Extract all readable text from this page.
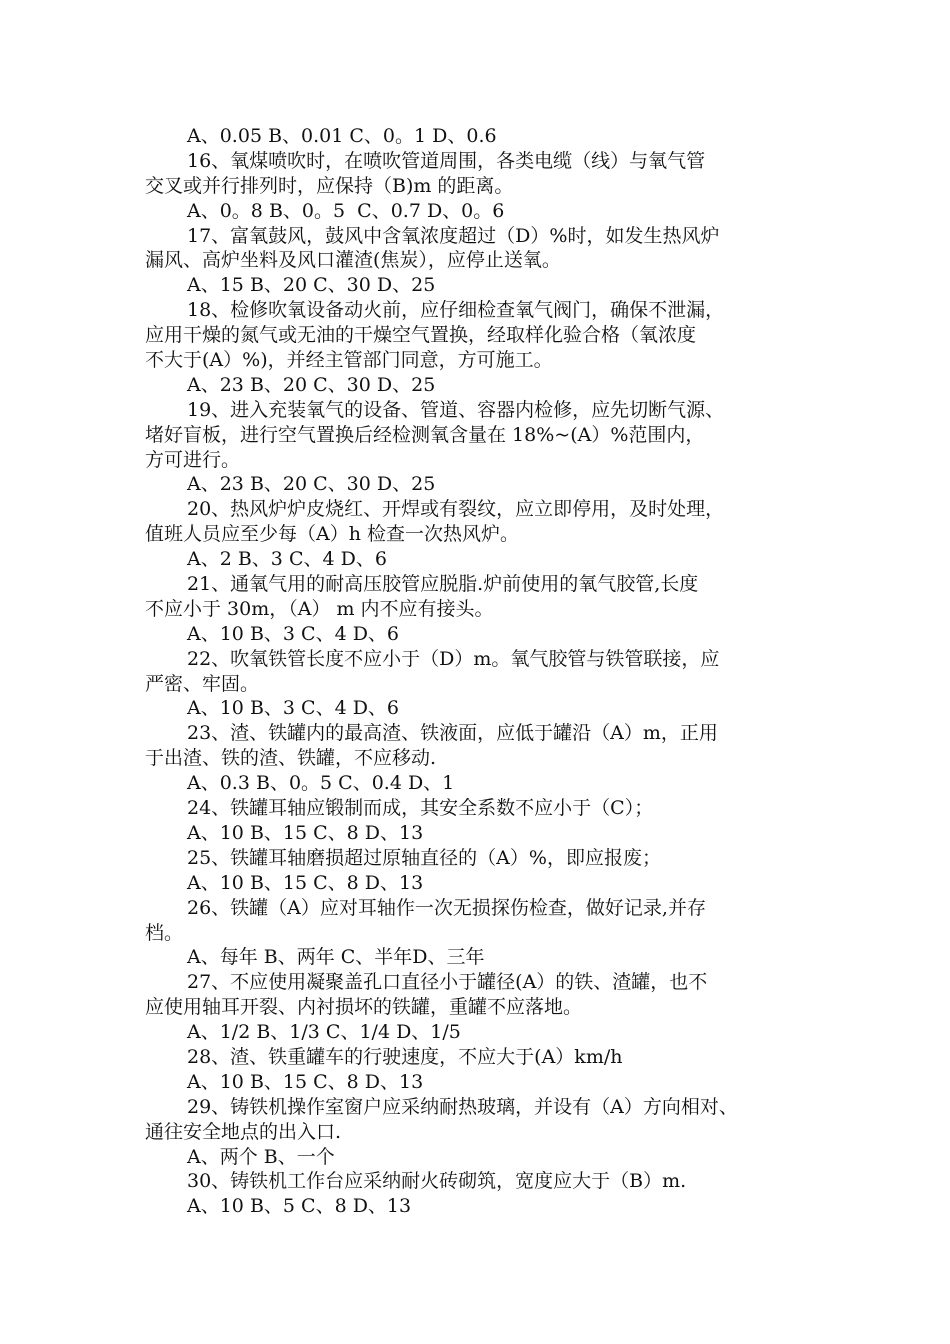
A、0.05 B、0.01 C、0。1 D、0.6
16、氧煤喷吹时，在喷吹管道周围，各类电缆（线）与氧气管
交叉或并行排列时，应保持（B)m 的距离。
A、0。8 B、0。5  C、0.7 D、0。6
17、富氧鼓风，鼓风中含氧浓度超过（D）%时，如发生热风炉
漏风、高炉坐料及风口灌渣(焦炭），应停止送氧。
A、15 B、20 C、30 D、25
18、检修吹氧设备动火前，应仔细检查氧气阀门，确保不泄漏，
应用干燥的氮气或无油的干燥空气置换，经取样化验合格（氧浓度
不大于(A）%)，并经主管部门同意，方可施工。
A、23 B、20 C、30 D、25
19、进入充装氧气的设备、管道、容器内检修，应先切断气源、
堵好盲板，进行空气置换后经检测氧含量在 18%~(A）%范围内，
方可进行。
A、23 B、20 C、30 D、25
20、热风炉炉皮烧红、开焊或有裂纹，应立即停用，及时处理，
值班人员应至少每（A）h 检查一次热风炉。
A、2 B、3 C、4 D、6
21、通氧气用的耐高压胶管应脱脂.炉前使用的氧气胶管,长度
不应小于 30m，（A） m 内不应有接头。
A、10 B、3 C、4 D、6
22、吹氧铁管长度不应小于（D）m。氧气胶管与铁管联接，应
严密、牢固。
A、10 B、3 C、4 D、6
23、渣、铁罐内的最高渣、铁液面，应低于罐沿（A）m，正用
于出渣、铁的渣、铁罐，不应移动.
A、0.3 B、0。5 C、0.4 D、1
24、铁罐耳轴应锻制而成，其安全系数不应小于（C）；
A、10 B、15 C、8 D、13
25、铁罐耳轴磨损超过原轴直径的（A）%，即应报废；
A、10 B、15 C、8 D、13
26、铁罐（A）应对耳轴作一次无损探伤检查，做好记录,并存
档。
A、每年 B、两年 C、半年D、三年
27、不应使用凝聚盖孔口直径小于罐径(A）的铁、渣罐，也不
应使用轴耳开裂、内衬损坏的铁罐，重罐不应落地。
A、1/2 B、1/3 C、1/4 D、1/5
28、渣、铁重罐车的行驶速度，不应大于(A）km/h
A、10 B、15 C、8 D、13
29、铸铁机操作室窗户应采纳耐热玻璃，并设有（A）方向相对、
通往安全地点的出入口.
A、两个 B、一个
30、铸铁机工作台应采纳耐火砖砌筑，宽度应大于（B）m.
A、10 B、5 C、8 D、13
